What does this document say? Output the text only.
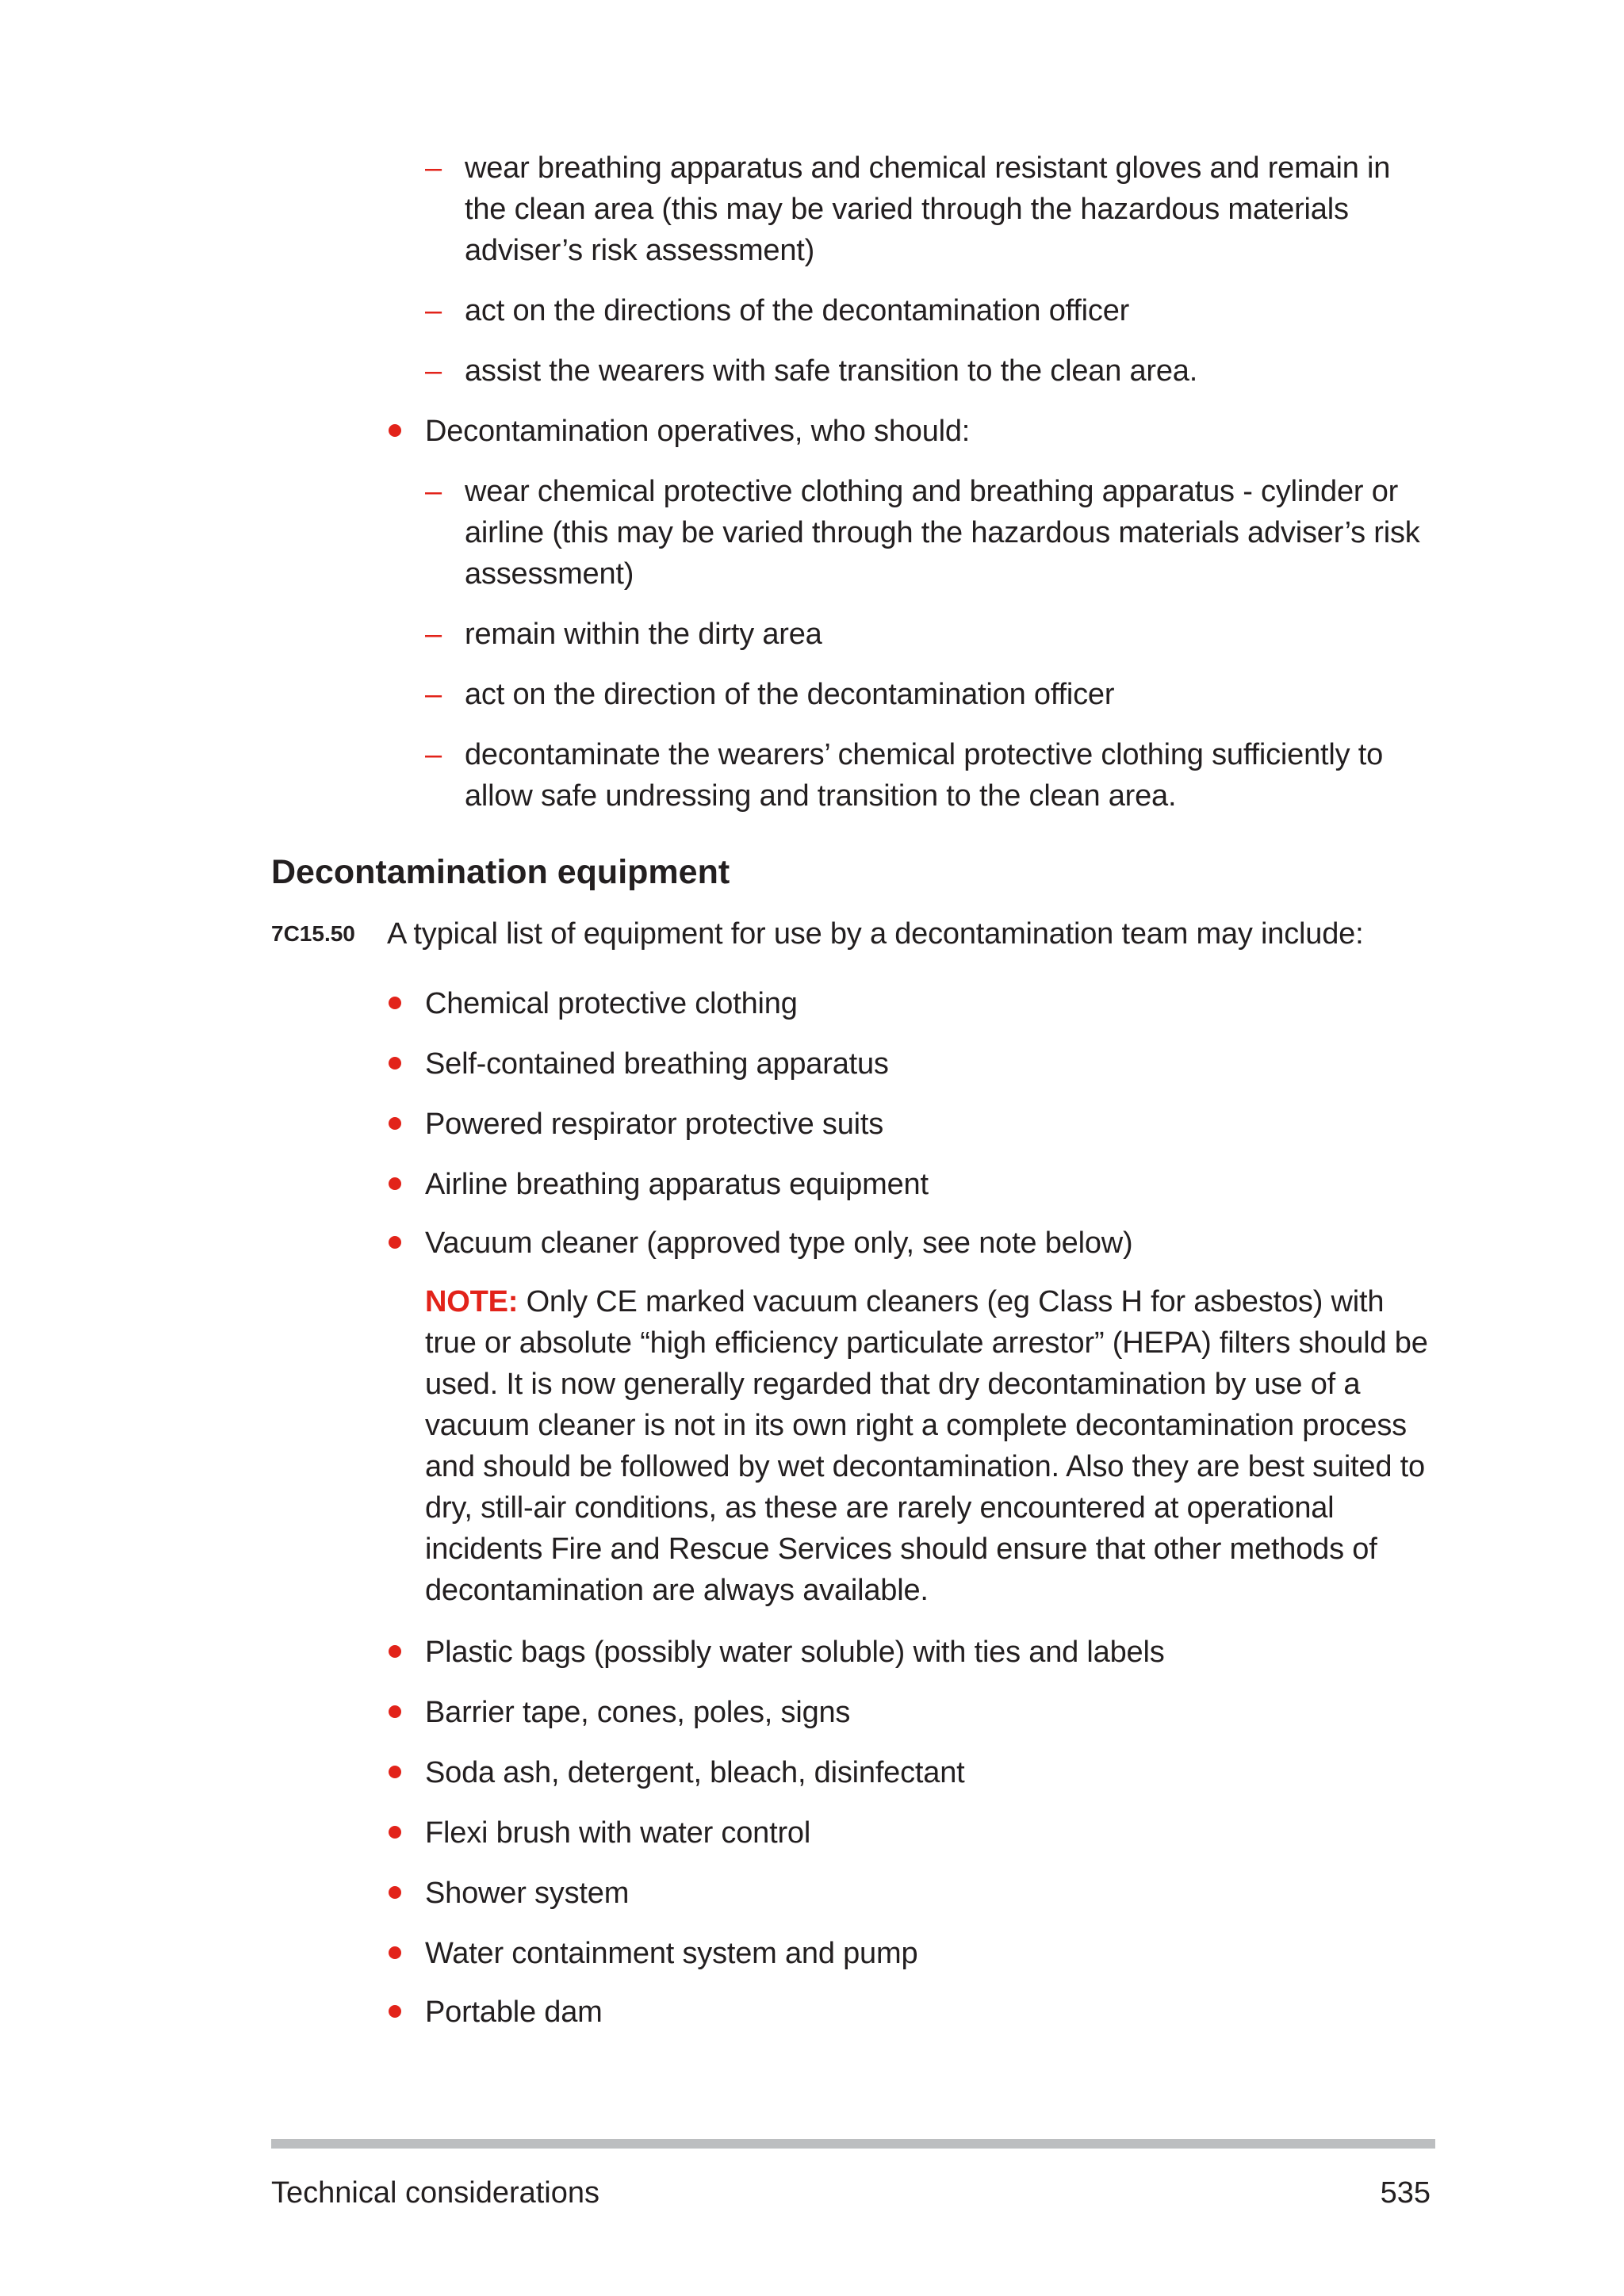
– wear breathing apparatus and chemical resistant gloves and remain in the clean area (this may be varied through the hazardous materials adviser’s risk assessment)
– act on the directions of the decontamination officer
– assist the wearers with safe transition to the clean area.
Decontamination operatives, who should:
– wear chemical protective clothing and breathing apparatus - cylinder or airline (this may be varied through the hazardous materials adviser’s risk assessment)
– remain within the dirty area
– act on the direction of the decontamination officer
– decontaminate the wearers’ chemical protective clothing sufficiently to allow safe undressing and transition to the clean area.
Decontamination equipment
7C15.50 A typical list of equipment for use by a decontamination team may include:
Chemical protective clothing
Self-contained breathing apparatus
Powered respirator protective suits
Airline breathing apparatus equipment
Vacuum cleaner (approved type only, see note below)
NOTE: Only CE marked vacuum cleaners (eg Class H for asbestos) with true or absolute “high efficiency particulate arrestor” (HEPA) filters should be used. It is now generally regarded that dry decontamination by use of a vacuum cleaner is not in its own right a complete decontamination process and should be followed by wet decontamination. Also they are best suited to dry, still-air conditions, as these are rarely encountered at operational incidents Fire and Rescue Services should ensure that other methods of decontamination are always available.
Plastic bags (possibly water soluble) with ties and labels
Barrier tape, cones, poles, signs
Soda ash, detergent, bleach, disinfectant
Flexi brush with water control
Shower system
Water containment system and pump
Portable dam
Technical considerations	535
